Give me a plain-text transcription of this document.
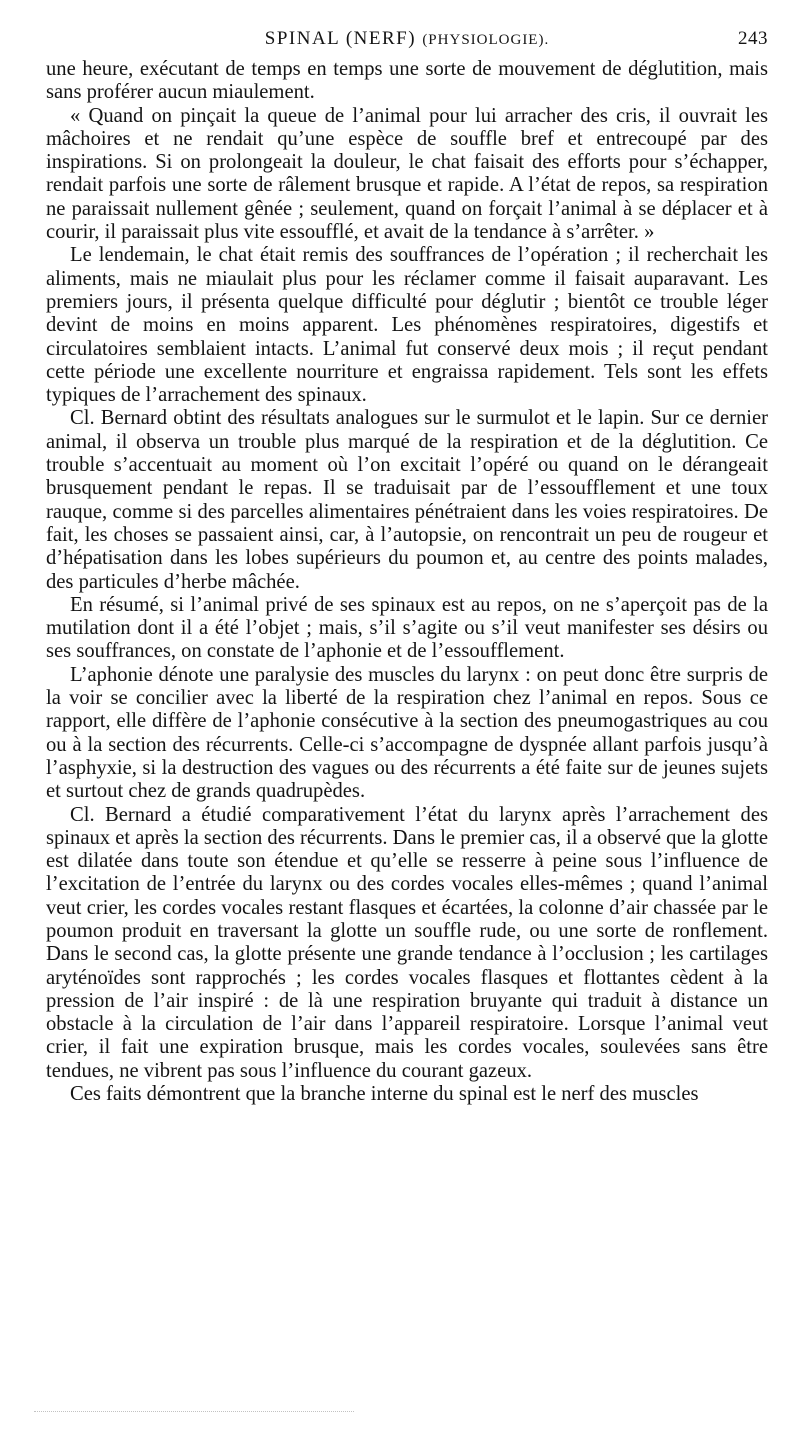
SPINAL (NERF) (PHYSIOLOGIE).	243

une heure, exécutant de temps en temps une sorte de mouvement de déglutition, mais sans proférer aucun miaulement.

« Quand on pinçait la queue de l’animal pour lui arracher des cris, il ouvrait les mâchoires et ne rendait qu’une espèce de souffle bref et entrecoupé par des inspirations. Si on prolongeait la douleur, le chat faisait des efforts pour s’échapper, rendait parfois une sorte de râlement brusque et rapide. A l’état de repos, sa respiration ne paraissait nullement gênée ; seulement, quand on forçait l’animal à se déplacer et à courir, il paraissait plus vite essoufflé, et avait de la tendance à s’arrêter. »

Le lendemain, le chat était remis des souffrances de l’opération ; il recherchait les aliments, mais ne miaulait plus pour les réclamer comme il faisait auparavant. Les premiers jours, il présenta quelque difficulté pour déglutir ; bientôt ce trouble léger devint de moins en moins apparent. Les phénomènes respiratoires, digestifs et circulatoires semblaient intacts. L’animal fut conservé deux mois ; il reçut pendant cette période une excellente nourriture et engraissa rapidement. Tels sont les effets typiques de l’arrachement des spinaux.

Cl. Bernard obtint des résultats analogues sur le surmulot et le lapin. Sur ce dernier animal, il observa un trouble plus marqué de la respiration et de la déglutition. Ce trouble s’accentuait au moment où l’on excitait l’opéré ou quand on le dérangeait brusquement pendant le repas. Il se traduisait par de l’essoufflement et une toux rauque, comme si des parcelles alimentaires pénétraient dans les voies respiratoires. De fait, les choses se passaient ainsi, car, à l’autopsie, on rencontrait un peu de rougeur et d’hépatisation dans les lobes supérieurs du poumon et, au centre des points malades, des particules d’herbe mâchée.

En résumé, si l’animal privé de ses spinaux est au repos, on ne s’aperçoit pas de la mutilation dont il a été l’objet ; mais, s’il s’agite ou s’il veut manifester ses désirs ou ses souffrances, on constate de l’aphonie et de l’essoufflement.

L’aphonie dénote une paralysie des muscles du larynx : on peut donc être surpris de la voir se concilier avec la liberté de la respiration chez l’animal en repos. Sous ce rapport, elle diffère de l’aphonie consécutive à la section des pneumogastriques au cou ou à la section des récurrents. Celle-ci s’accompagne de dyspnée allant parfois jusqu’à l’asphyxie, si la destruction des vagues ou des récurrents a été faite sur de jeunes sujets et surtout chez de grands quadrupèdes.

Cl. Bernard a étudié comparativement l’état du larynx après l’arrachement des spinaux et après la section des récurrents. Dans le premier cas, il a observé que la glotte est dilatée dans toute son étendue et qu’elle se resserre à peine sous l’influence de l’excitation de l’entrée du larynx ou des cordes vocales elles-mêmes ; quand l’animal veut crier, les cordes vocales restant flasques et écartées, la colonne d’air chassée par le poumon produit en traversant la glotte un souffle rude, ou une sorte de ronflement. Dans le second cas, la glotte présente une grande tendance à l’occlusion ; les cartilages aryténoïdes sont rapprochés ; les cordes vocales flasques et flottantes cèdent à la pression de l’air inspiré : de là une respiration bruyante qui traduit à distance un obstacle à la circulation de l’air dans l’appareil respiratoire. Lorsque l’animal veut crier, il fait une expiration brusque, mais les cordes vocales, soulevées sans être tendues, ne vibrent pas sous l’influence du courant gazeux.

Ces faits démontrent que la branche interne du spinal est le nerf des muscles
